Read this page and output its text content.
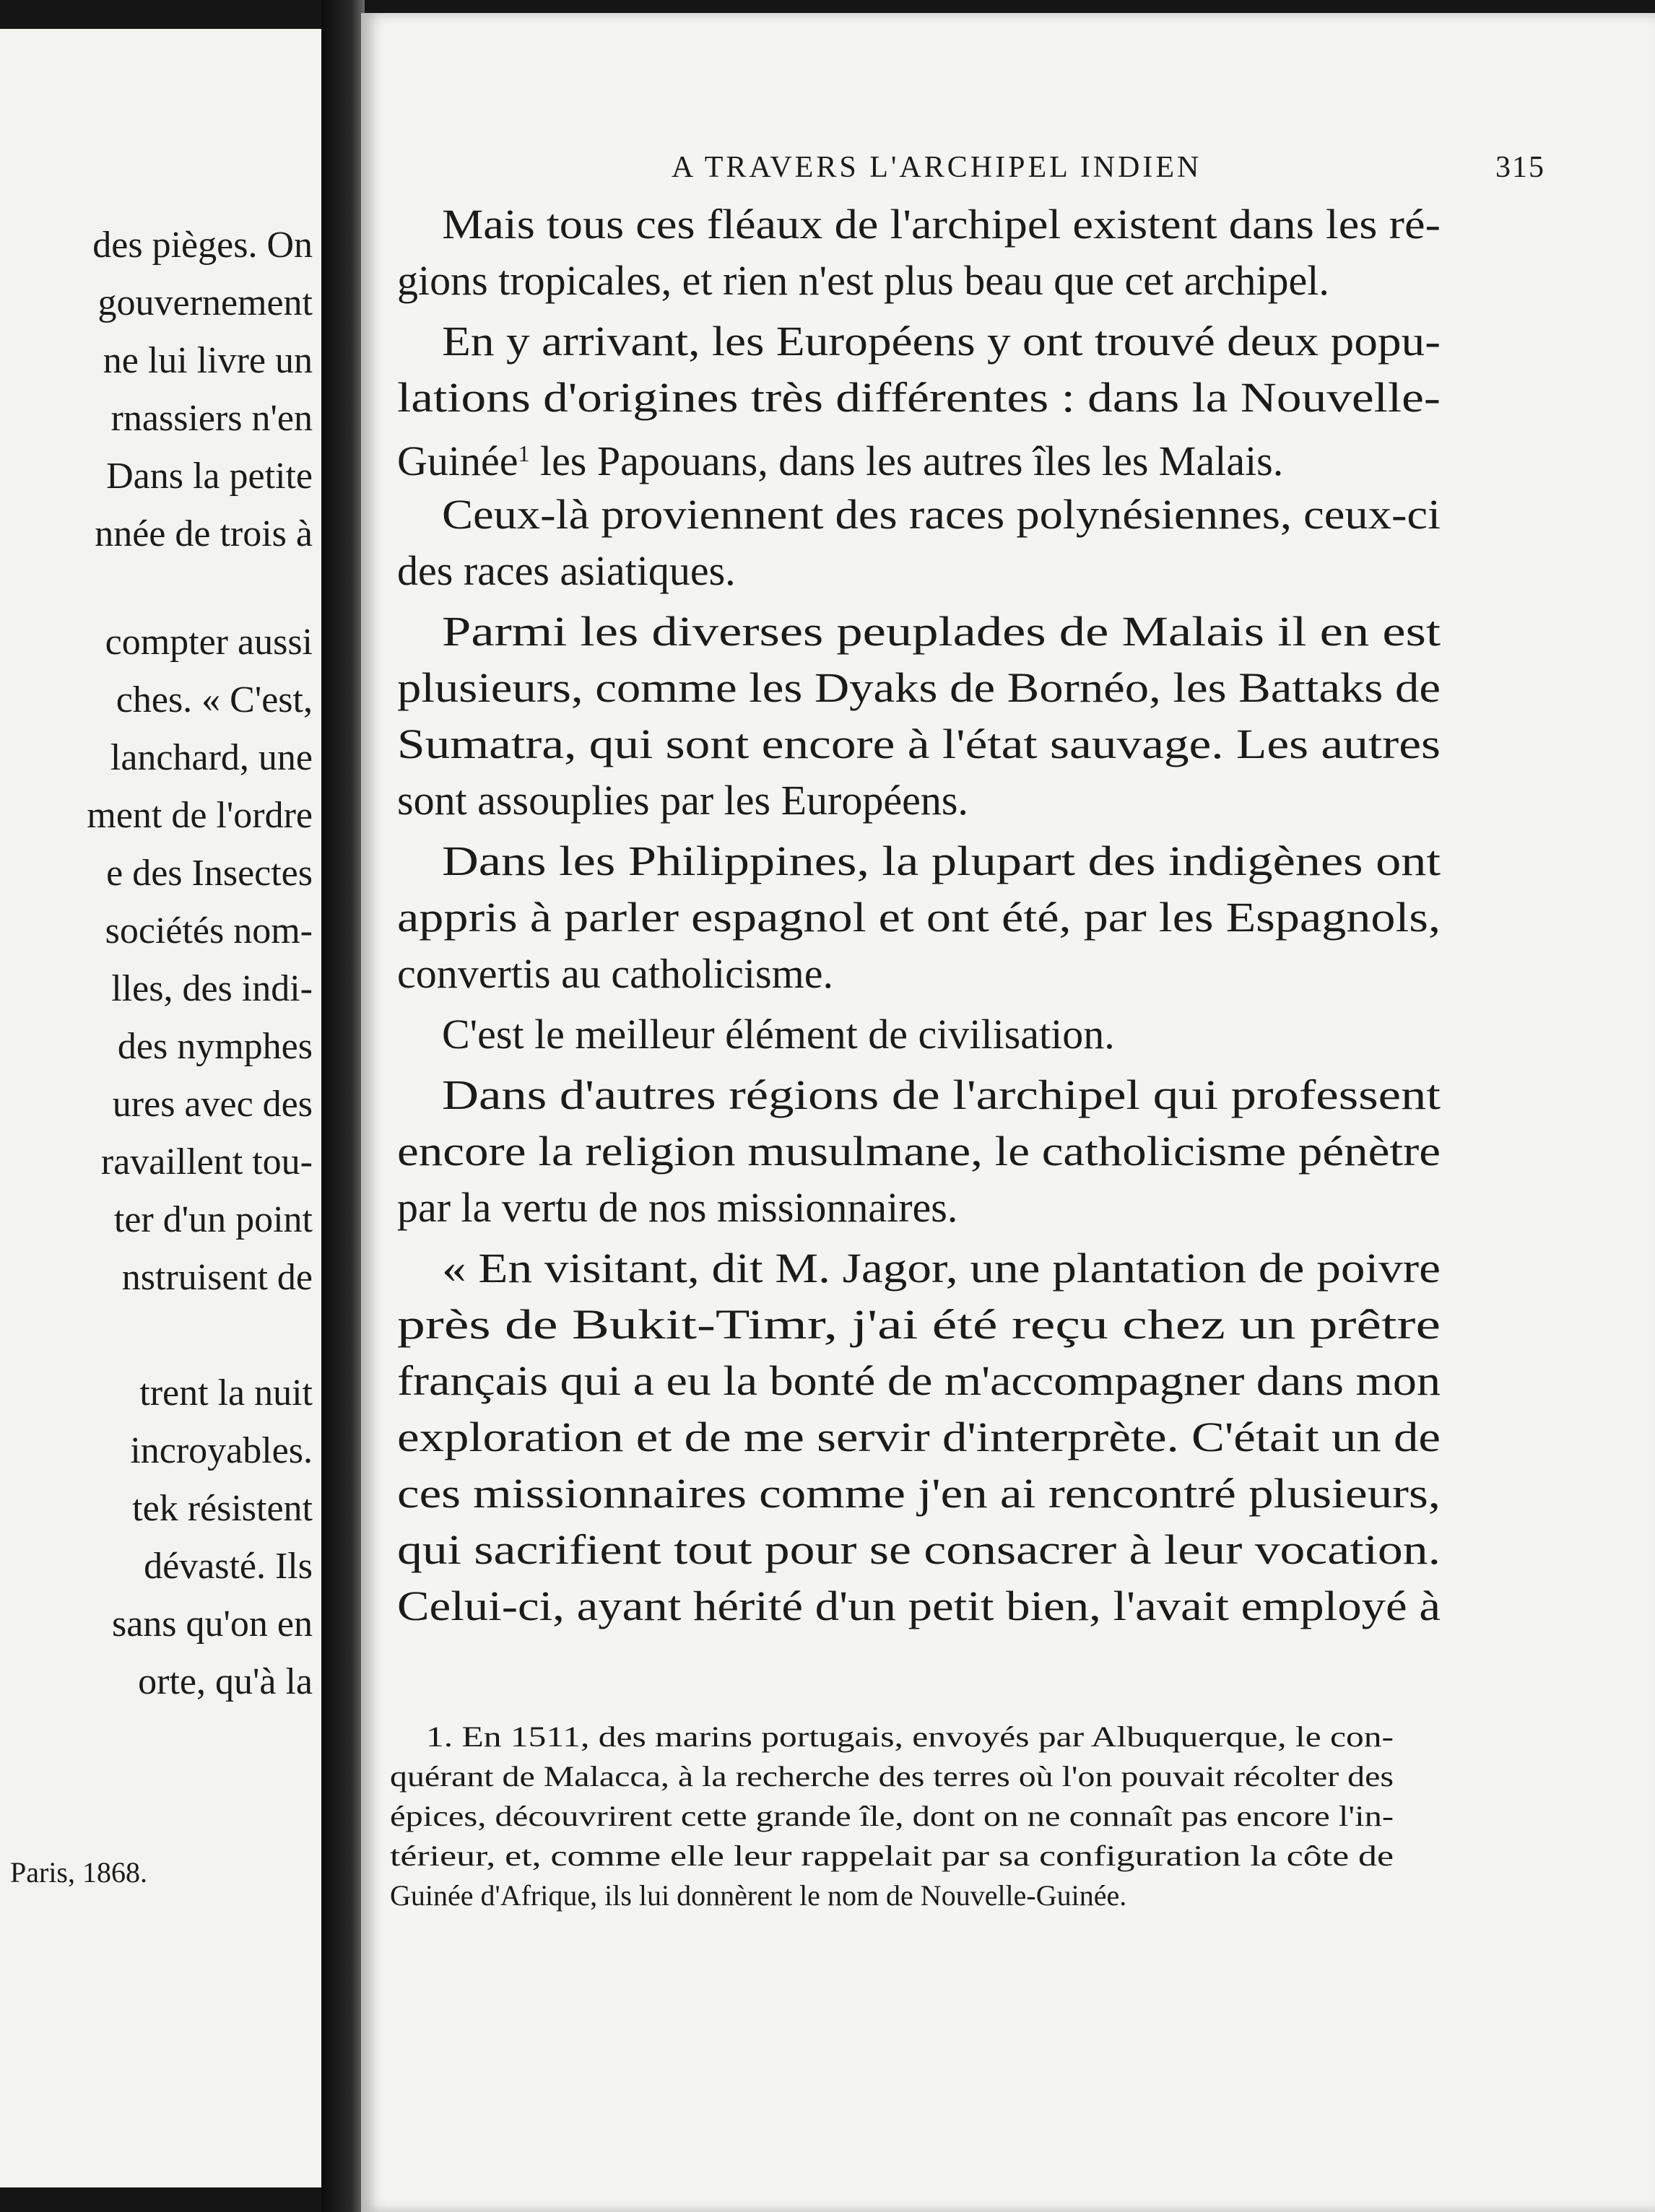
Paris, 1868.
des pièges. On
gouvernement
ne lui livre un
rnassiers n'en
Dans la petite
nnée de trois à
compter aussi
ches. « C'est,
lanchard, une
ment de l'ordre
e des Insectes
sociétés nom-
lles, des indi-
des nymphes
ures avec des
ravaillent tou-
ter d'un point
nstruisent de
trent la nuit
incroyables.
tek résistent
dévasté. Ils
sans qu'on en
orte, qu'à la
A TRAVERS L'ARCHIPEL INDIEN	315
Mais tous ces fléaux de l'archipel existent dans les ré-
gions tropicales, et rien n'est plus beau que cet archipel.
En y arrivant, les Européens y ont trouvé deux popu-
lations d'origines très différentes : dans la Nouvelle-
Guinée$^1$ les Papouans, dans les autres îles les Malais.
Ceux-là proviennent des races polynésiennes, ceux-ci
des races asiatiques.
Parmi les diverses peuplades de Malais il en est
plusieurs, comme les Dyaks de Bornéo, les Battaks de
Sumatra, qui sont encore à l'état sauvage. Les autres
sont assouplies par les Européens.
Dans les Philippines, la plupart des indigènes ont
appris à parler espagnol et ont été, par les Espagnols,
convertis au catholicisme.
C'est le meilleur élément de civilisation.
Dans d'autres régions de l'archipel qui professent
encore la religion musulmane, le catholicisme pénètre
par la vertu de nos missionnaires.
« En visitant, dit M. Jagor, une plantation de poivre
près de Bukit-Timr, j'ai été reçu chez un prêtre
français qui a eu la bonté de m'accompagner dans mon
exploration et de me servir d'interprète. C'était un de
ces missionnaires comme j'en ai rencontré plusieurs,
qui sacrifient tout pour se consacrer à leur vocation.
Celui-ci, ayant hérité d'un petit bien, l'avait employé à
1. En 1511, des marins portugais, envoyés par Albuquerque, le con-
quérant de Malacca, à la recherche des terres où l'on pouvait récolter des
épices, découvrirent cette grande île, dont on ne connaît pas encore l'in-
térieur, et, comme elle leur rappelait par sa configuration la côte de
Guinée d'Afrique, ils lui donnèrent le nom de Nouvelle-Guinée.
